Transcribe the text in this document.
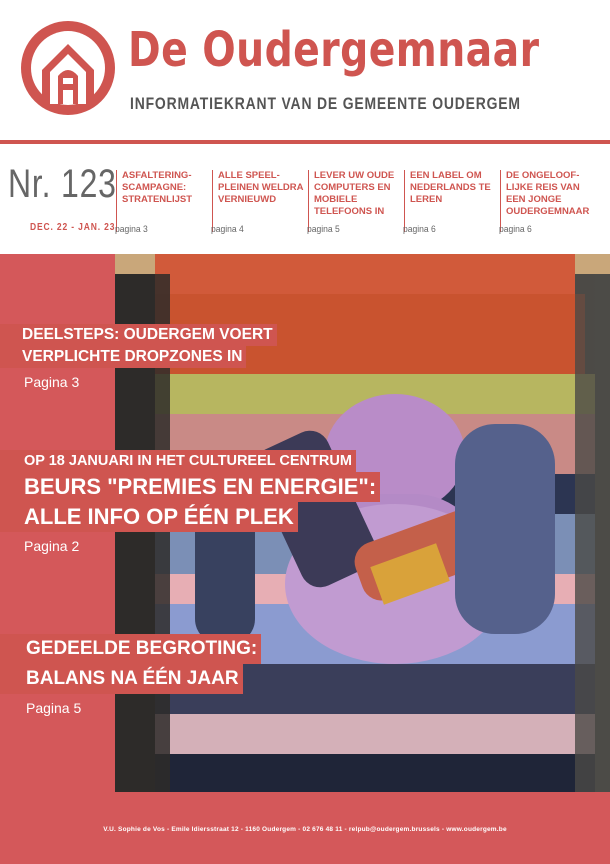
De Oudergemnaar
INFORMATIEKRANT VAN DE GEMEENTE OUDERGEM
Nr. 123
DEC. 22 - JAN. 23
ASFALTERING-SCAMPAGNE: STRATENLIJST
pagina 3
ALLE SPEEL-PLEINEN WELDRA VERNIEUWD
pagina 4
LEVER UW OUDE COMPUTERS EN MOBIELE TELEFOONS IN
pagina 5
EEN LABEL OM NEDERLANDS TE LEREN
pagina 6
DE ONGELOOF-LIJKE REIS VAN EEN JONGE OUDERGEMNAAR
pagina 6
DEELSTEPS: OUDERGEM VOERT
VERPLICHTE DROPZONES IN
Pagina 3
OP 18 JANUARI IN HET CULTUREEL CENTRUM
BEURS "PREMIES EN ENERGIE":
ALLE INFO OP ÉÉN PLEK
Pagina 2
GEDEELDE BEGROTING:
BALANS NA ÉÉN JAAR
Pagina 5
V.U. Sophie de Vos - Emile Idiersstraat 12 - 1160 Oudergem - 02 676 48 11 - relpub@oudergem.brussels - www.oudergem.be
